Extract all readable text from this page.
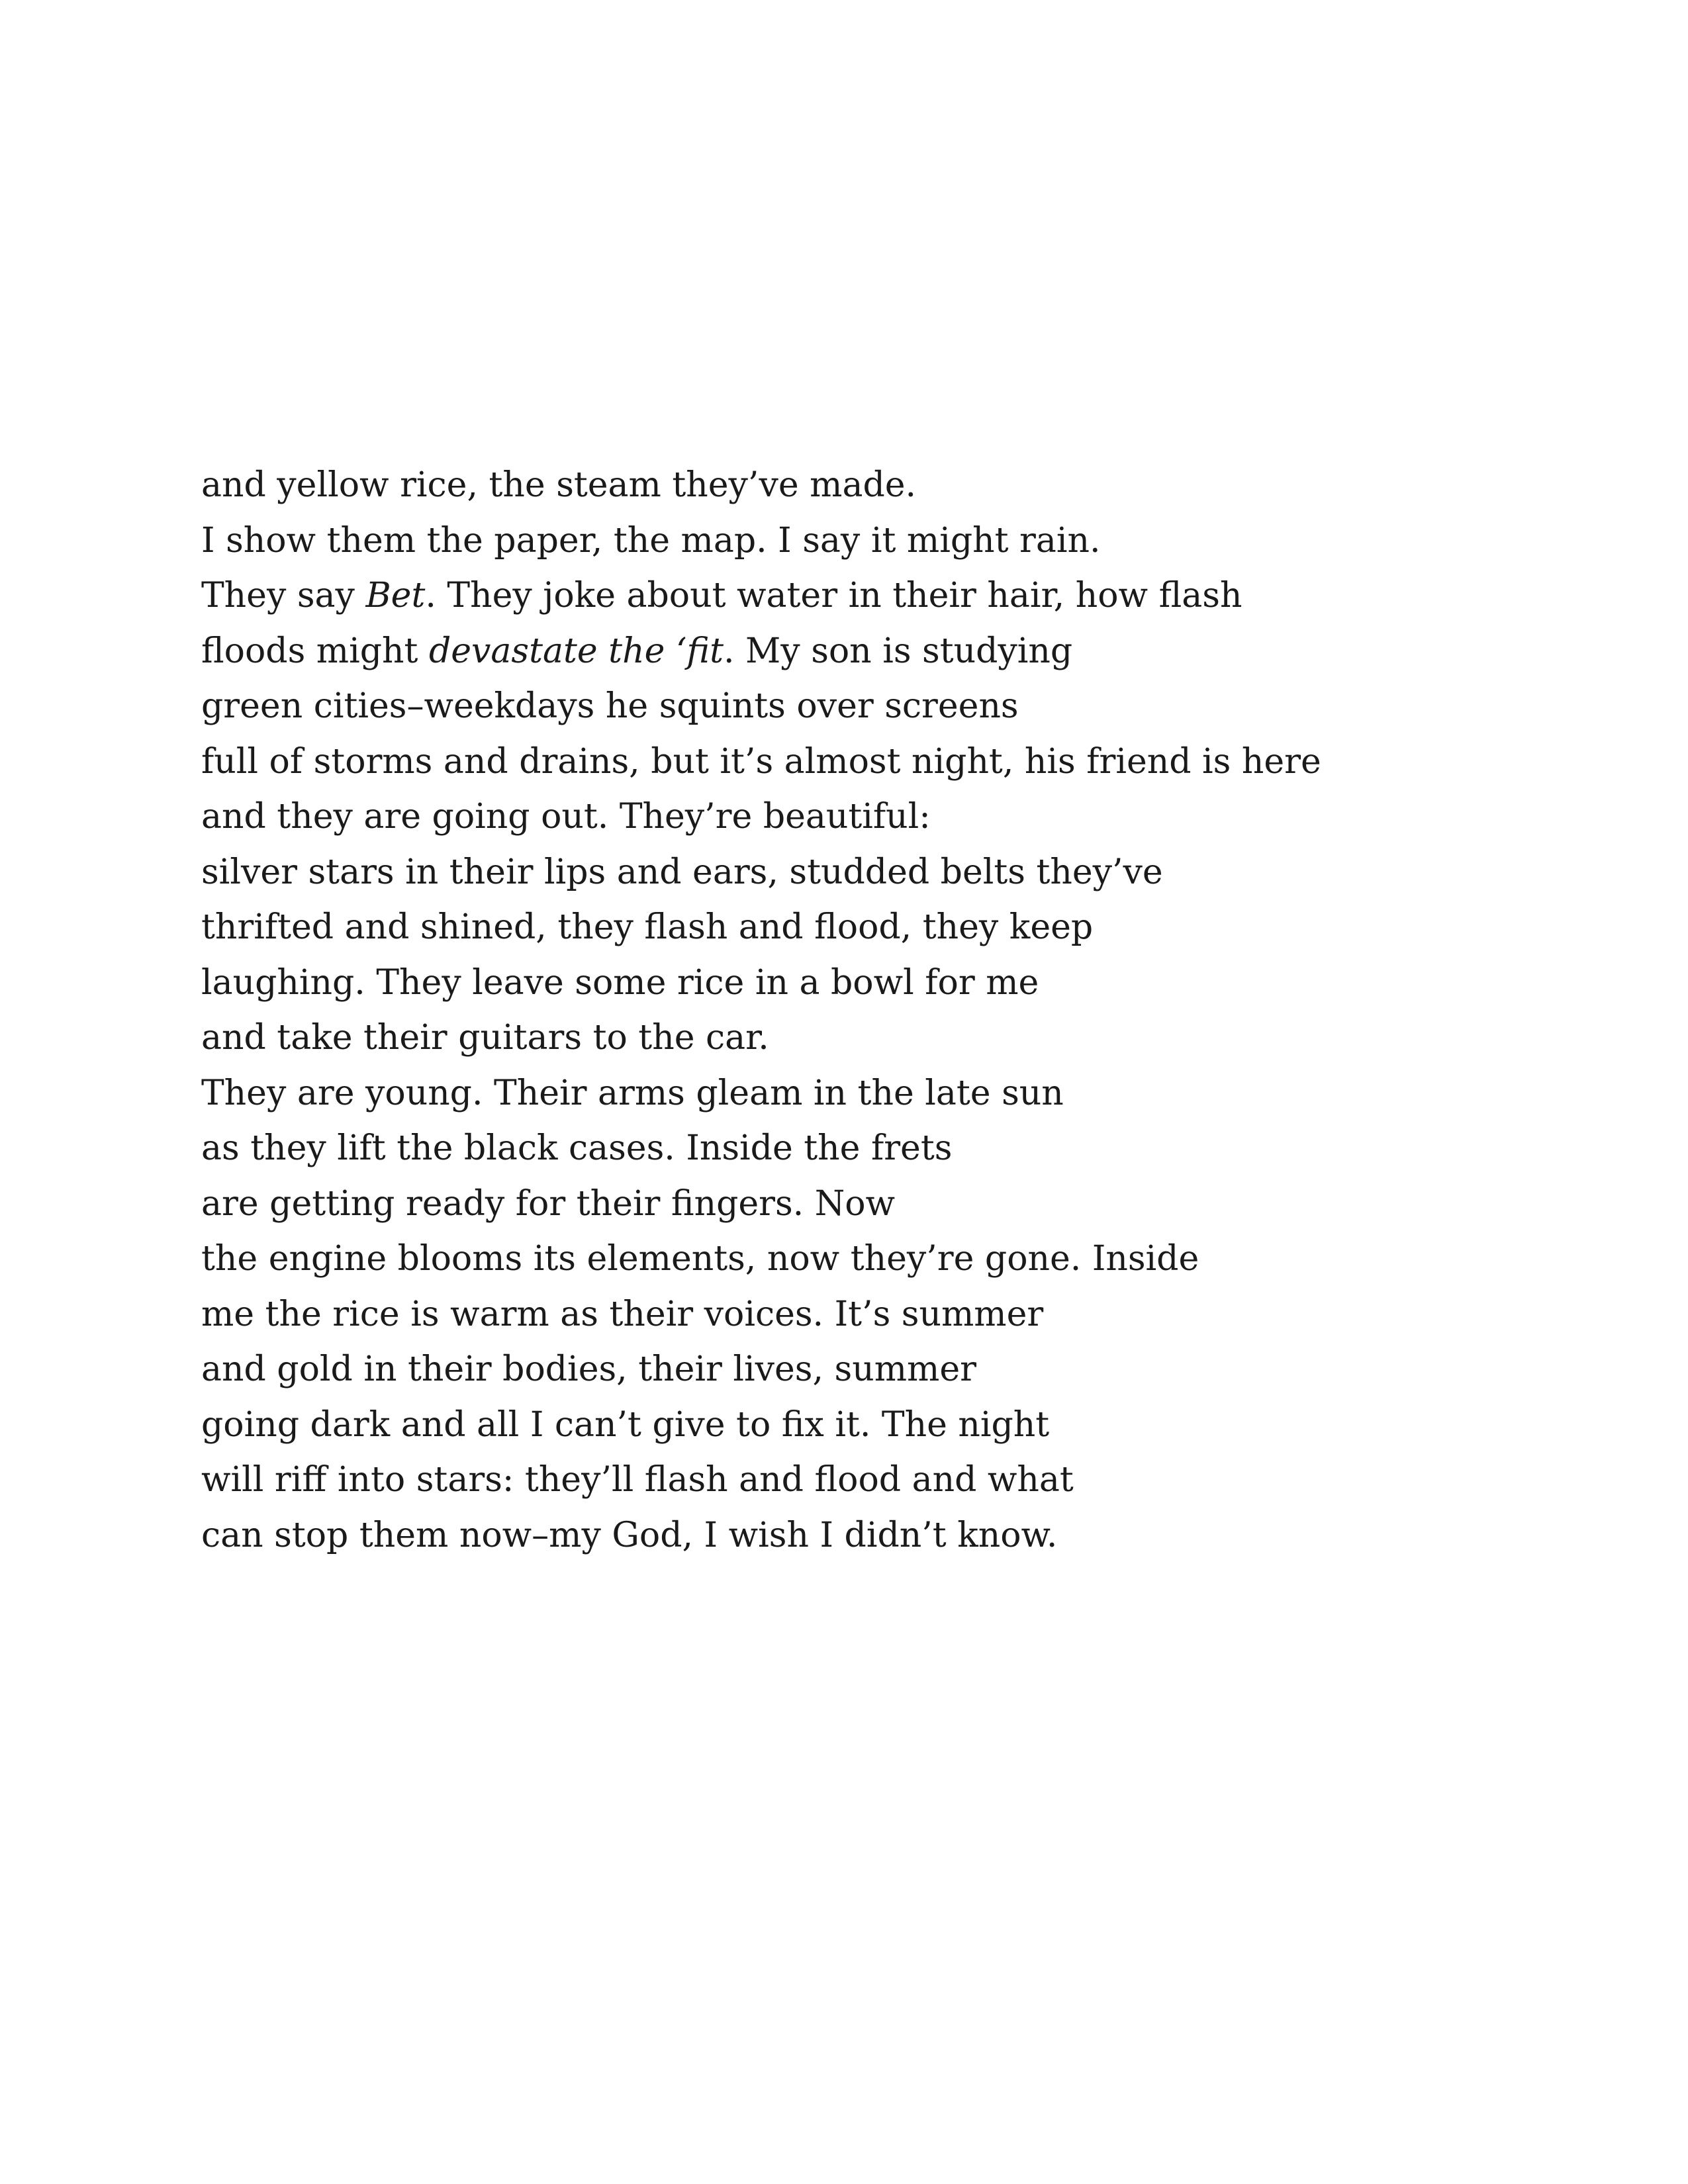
and yellow rice, the steam they’ve made.
I show them the paper, the map. I say it might rain.
They say Bet. They joke about water in their hair, how flash
floods might devastate the ‘fit. My son is studying
green cities–weekdays he squints over screens
full of storms and drains, but it’s almost night, his friend is here
and they are going out. They’re beautiful:
silver stars in their lips and ears, studded belts they’ve
thrifted and shined, they flash and flood, they keep
laughing. They leave some rice in a bowl for me
and take their guitars to the car.
They are young. Their arms gleam in the late sun
as they lift the black cases. Inside the frets
are getting ready for their fingers. Now
the engine blooms its elements, now they’re gone. Inside
me the rice is warm as their voices. It’s summer
and gold in their bodies, their lives, summer
going dark and all I can’t give to fix it. The night
will riff into stars: they’ll flash and flood and what
can stop them now–my God, I wish I didn’t know.
